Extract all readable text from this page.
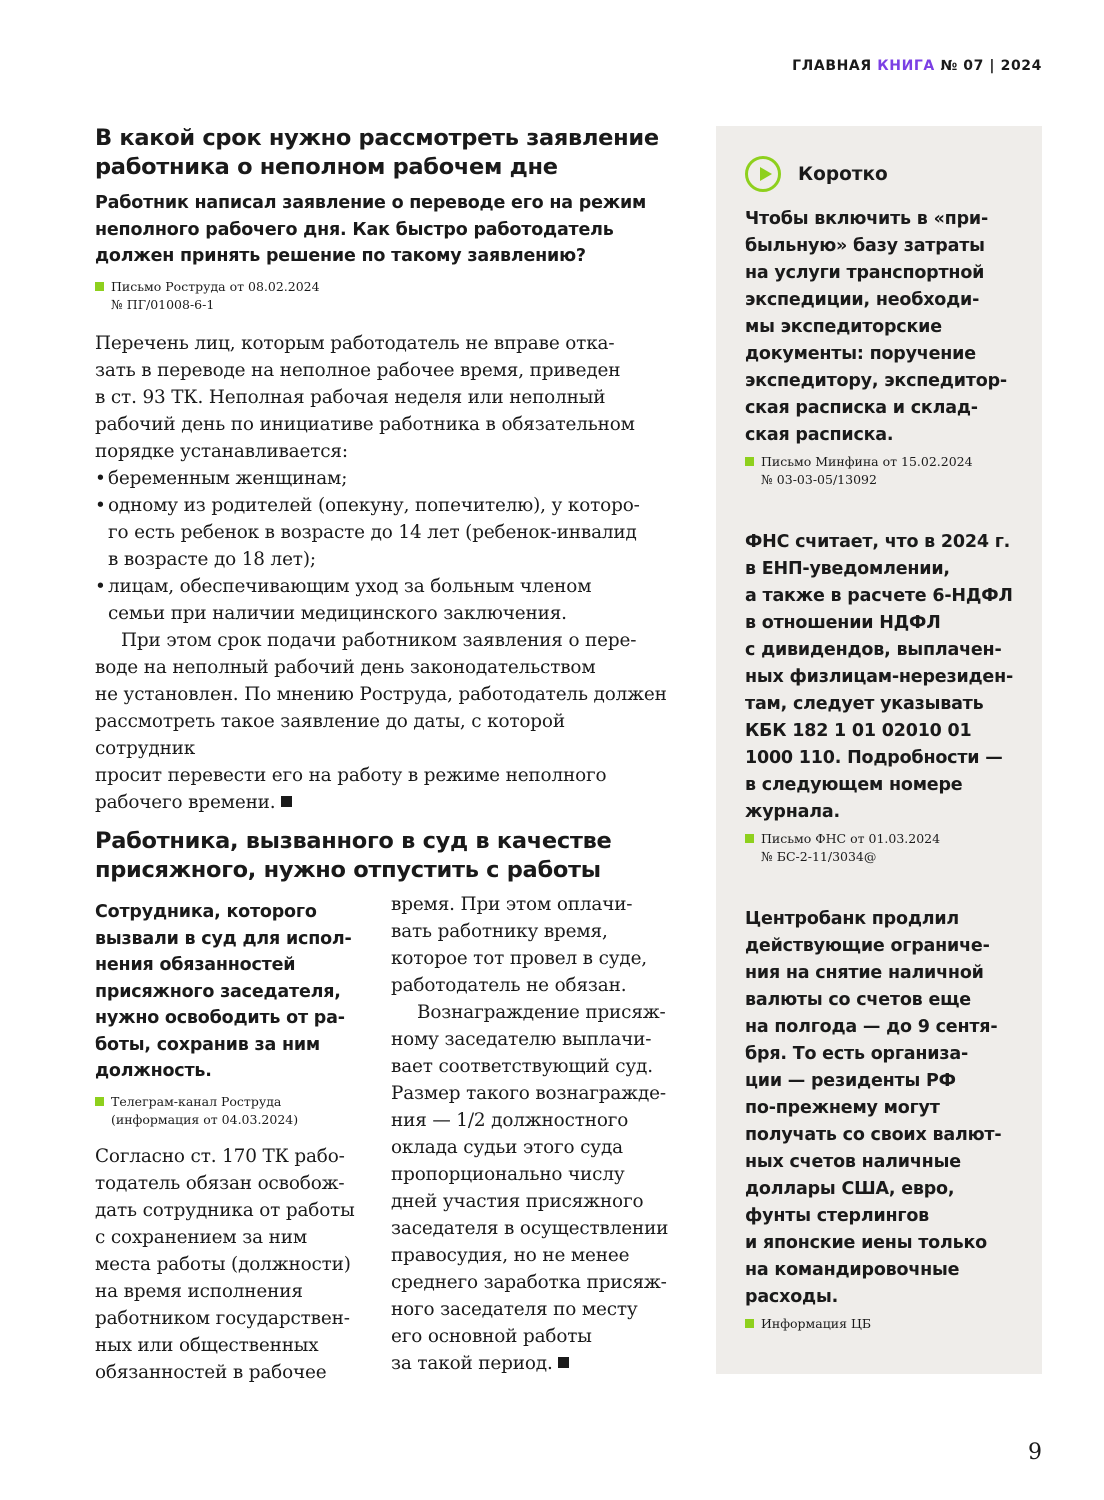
ГЛАВНАЯ КНИГА № 07 | 2024
В какой срок нужно рассмотреть заявление
работника о неполном рабочем дне
Работник написал заявление о переводе его на режим
неполного рабочего дня. Как быстро работодатель
должен принять решение по такому заявлению?
Письмо Роструда от 08.02.2024
№ ПГ/01008-6-1

Перечень лиц, которым работодатель не вправе отка-
зать в переводе на неполное рабочее время, приведен
в ст. 93 ТК. Неполная рабочая неделя или неполный
рабочий день по инициативе работника в обязательном
порядке устанавливается:

• беременным женщинам;
• одному из родителей (опекуну, попечителю), у которо-
го есть ребенок в возрасте до 14 лет (ребенок-инвалид
в возрасте до 18 лет);
• лицам, обеспечивающим уход за больным членом
семьи при наличии медицинского заключения.

При этом срок подачи работником заявления о пере-
воде на неполный рабочий день законодательством
не установлен. По мнению Роструда, работодатель должен
рассмотреть такое заявление до даты, с которой сотрудник
просит перевести его на работу в режиме неполного
рабочего времени.

Работника, вызванного в суд в качестве
присяжного, нужно отпустить с работы
Сотрудника, которого
вызвали в суд для испол-
нения обязанностей
присяжного заседателя,
нужно освободить от ра-
боты, сохранив за ним
должность.
Телеграм-канал Роструда
(информация от 04.03.2024)
Согласно ст. 170 ТК рабо-
тодатель обязан освобож-
дать сотрудника от работы
с сохранением за ним
места работы (должности)
на время исполнения
работником государствен-
ных или общественных
обязанностей в рабочее
время. При этом оплачи-
вать работнику время,
которое тот провел в суде,
работодатель не обязан.
Вознаграждение присяж-
ному заседателю выплачи-
вает соответствующий суд.
Размер такого вознагражде-
ния — 1/2 должностного
оклада судьи этого суда
пропорционально числу
дней участия присяжного
заседателя в осуществлении
правосудия, но не менее
среднего заработка присяж-
ного заседателя по месту
его основной работы
за такой период.
Коротко
Чтобы включить в «при-
быльную» базу затраты
на услуги транспортной
экспедиции, необходи-
мы экспедиторские
документы: поручение
экспедитору, экспедитор-
ская расписка и склад-
ская расписка.
Письмо Минфина от 15.02.2024
№ 03-03-05/13092
ФНС считает, что в 2024 г.
в ЕНП-уведомлении,
а также в расчете 6-НДФЛ
в отношении НДФЛ
с дивидендов, выплачен-
ных физлицам-нерезиден-
там, следует указывать
КБК 182 1 01 02010 01
1000 110. Подробности —
в следующем номере
журнала.
Письмо ФНС от 01.03.2024
№ БС-2-11/3034@
Центробанк продлил
действующие ограниче-
ния на снятие наличной
валюты со счетов еще
на полгода — до 9 сентя-
бря. То есть организа-
ции — резиденты РФ
по-прежнему могут
получать со своих валют-
ных счетов наличные
доллары США, евро,
фунты стерлингов
и японские иены только
на командировочные
расходы.
Информация ЦБ
9
